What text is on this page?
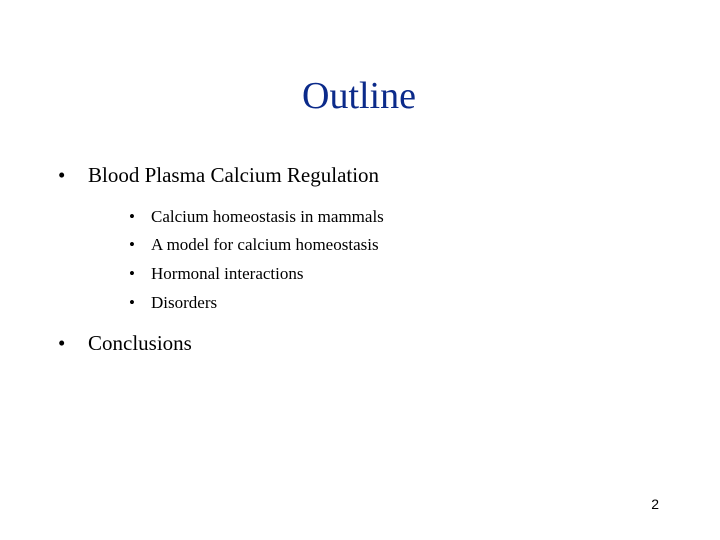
Outline
•	Blood Plasma Calcium Regulation
• Calcium homeostasis in mammals
• A model for calcium homeostasis
• Hormonal interactions
• Disorders
•	Conclusions
2
